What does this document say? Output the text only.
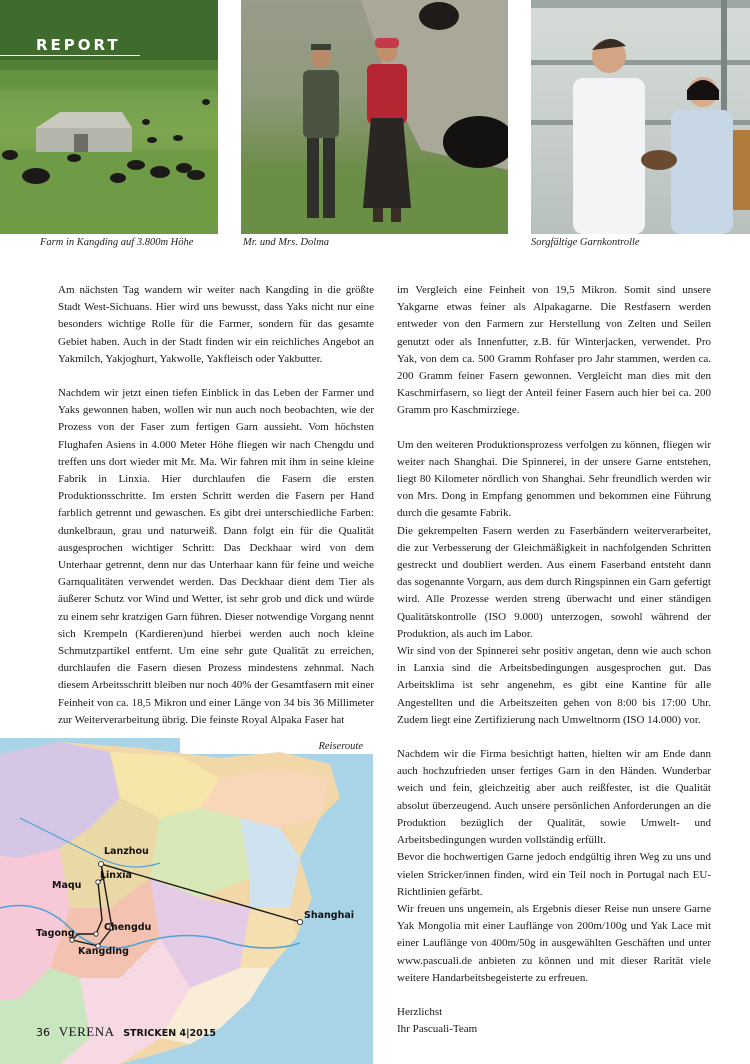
REPORT
Farm in Kangding auf 3.800m Höhe	Mr. und Mrs. Dolma	Sorgfältige Garnkontrolle

Am nächsten Tag wandern wir weiter nach Kangding in die größte Stadt West-Sichuans. Hier wird uns bewusst, dass Yaks nicht nur eine besonders wichtige Rolle für die Farmer, sondern für das gesamte Gebiet haben. Auch in der Stadt finden wir ein reichliches Angebot an Yakmilch, Yakjoghurt, Yakwolle, Yakfleisch oder Yakbutter.

Nachdem wir jetzt einen tiefen Einblick in das Leben der Farmer und Yaks gewonnen haben, wollen wir nun auch noch beobachten, wie der Prozess von der Faser zum fertigen Garn aussieht. Vom höchsten Flughafen Asiens in 4.000 Meter Höhe fliegen wir nach Chengdu und treffen uns dort wieder mit Mr. Ma. Wir fahren mit ihm in seine kleine Fabrik in Linxia. Hier durchlaufen die Fasern die ersten Produktionsschritte. Im ersten Schritt werden die Fasern per Hand farblich getrennt und gewaschen. Es gibt drei unterschiedliche Farben: dunkelbraun, grau und naturweiß. Dann folgt ein für die Qualität ausgesprochen wichtiger Schritt: Das Deckhaar wird von dem Unterhaar getrennt, denn nur das Unterhaar kann für feine und weiche Garnqualitäten verwendet werden. Das Deckhaar dient dem Tier als äußerer Schutz vor Wind und Wetter, ist sehr grob und dick und würde zu einem sehr kratzigen Garn führen. Dieser notwendige Vorgang nennt sich Krempeln (Kardieren)und hierbei werden auch noch kleine Schmutzpartikel entfernt. Um eine sehr gute Qualität zu erreichen, durchlaufen die Fasern diesen Prozess mindestens zehnmal. Nach diesem Arbeitsschritt bleiben nur noch 40% der Gesamtfasern mit einer Feinheit von ca. 18,5 Mikron und einer Länge von 34 bis 36 Millimeter zur Weiterverarbeitung übrig. Die feinste Royal Alpaka Faser hat

im Vergleich eine Feinheit von 19,5 Mikron. Somit sind unsere Yakgarne etwas feiner als Alpakagarne. Die Restfasern werden entweder von den Farmern zur Herstellung von Zelten und Seilen genutzt oder als Innenfutter, z.B. für Winterjacken, verwendet. Pro Yak, von dem ca. 500 Gramm Rohfaser pro Jahr stammen, werden ca. 200 Gramm feiner Fasern gewonnen. Vergleicht man dies mit den Kaschmirfasern, so liegt der Anteil feiner Fasern auch hier bei ca. 200 Gramm pro Kaschmirziege.

Um den weiteren Produktionsprozess verfolgen zu können, fliegen wir weiter nach Shanghai. Die Spinnerei, in der unsere Garne entstehen, liegt 80 Kilometer nördlich von Shanghai. Sehr freundlich werden wir von Mrs. Dong in Empfang genommen und bekommen eine Führung durch die gesamte Fabrik.

Die gekrempelten Fasern werden zu Faserbändern weiterverarbeitet, die zur Verbesserung der Gleichmäßigkeit in nachfolgenden Schritten gestreckt und doubliert werden. Aus einem Faserband entsteht dann das sogenannte Vorgarn, aus dem durch Ringspinnen ein Garn gefertigt wird. Alle Prozesse werden streng überwacht und einer ständigen Qualitätskontrolle (ISO 9.000) unterzogen, sowohl während der Produktion, als auch im Labor.

Wir sind von der Spinnerei sehr positiv angetan, denn wie auch schon in Lanxia sind die Arbeitsbedingungen ausgesprochen gut. Das Arbeitsklima ist sehr angenehm, es gibt eine Kantine für alle Angestellten und die Arbeitszeiten gehen von 8:00 bis 17:00 Uhr. Zudem liegt eine Zertifizierung nach Umweltnorm (ISO 14.000) vor.

Nachdem wir die Firma besichtigt hatten, hielten wir am Ende dann auch hochzufrieden unser fertiges Garn in den Händen. Wunderbar weich und fein, gleichzeitig aber auch reißfester, ist die Qualität absolut überzeugend. Auch unsere persönlichen Anforderungen an die Produktion bezüglich der Qualität, sowie Umwelt- und Arbeitsbedingungen wurden vollständig erfüllt.

Bevor die hochwertigen Garne jedoch endgültig ihren Weg zu uns und vielen Stricker/innen finden, wird ein Teil noch in Portugal nach EU-Richtlinien gefärbt.

Wir freuen uns ungemein, als Ergebnis dieser Reise nun unsere Garne Yak Mongolia mit einer Lauflänge von 200m/100g und Yak Lace mit einer Lauflänge von 400m/50g in ausgewählten Geschäften und unter www.pascuali.de anbieten zu können und mit dieser Rarität viele weitere Handarbeitsbegeisterte zu erfreuen.

Herzlichst

Ihr Pascuali-Team

Reiseroute
Lanzhou
Linxia
Maqu
Chengdu
Tagong
Kangding
Shanghai
36 VERENA STRICKEN 4|2015
